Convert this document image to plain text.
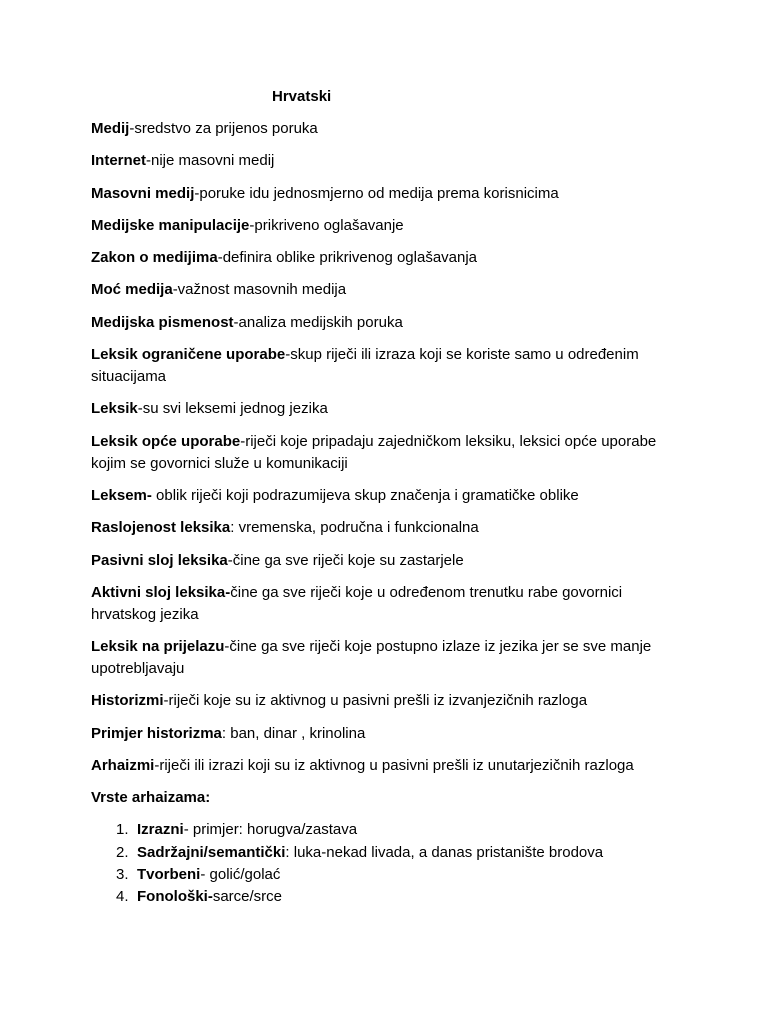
Hrvatski

Medij-sredstvo za prijenos poruka

Internet-nije masovni medij

Masovni medij-poruke idu jednosmjerno od medija prema korisnicima

Medijske manipulacije-prikriveno oglašavanje

Zakon o medijima-definira oblike prikrivenog oglašavanja

Moć medija-važnost masovnih medija

Medijska pismenost-analiza medijskih poruka

Leksik ograničene uporabe-skup riječi ili izraza koji se koriste samo u određenim situacijama

Leksik-su svi leksemi jednog jezika

Leksik opće uporabe-riječi koje pripadaju zajedničkom leksiku, leksici opće uporabe kojim se govornici služe u komunikaciji

Leksem- oblik riječi koji podrazumijeva skup značenja i gramatičke oblike

Raslojenost leksika: vremenska, područna i funkcionalna

Pasivni sloj leksika-čine ga sve riječi koje su zastarjele

Aktivni sloj leksika-čine ga sve riječi koje u određenom trenutku rabe govornici hrvatskog jezika

Leksik na prijelazu-čine ga sve riječi koje postupno izlaze iz jezika jer se sve manje upotrebljavaju

Historizmi-riječi koje su iz aktivnog u pasivni prešli iz izvanjezičnih razloga

Primjer historizma: ban, dinar , krinolina

Arhaizmi-riječi ili izrazi koji su iz aktivnog u pasivni prešli iz unutarjezičnih razloga

Vrste arhaizama:

1. Izrazni- primjer: horugva/zastava
2. Sadržajni/semantički: luka-nekad livada, a danas pristanište brodova
3. Tvorbeni- golić/golać
4. Fonološki-sarce/srce
